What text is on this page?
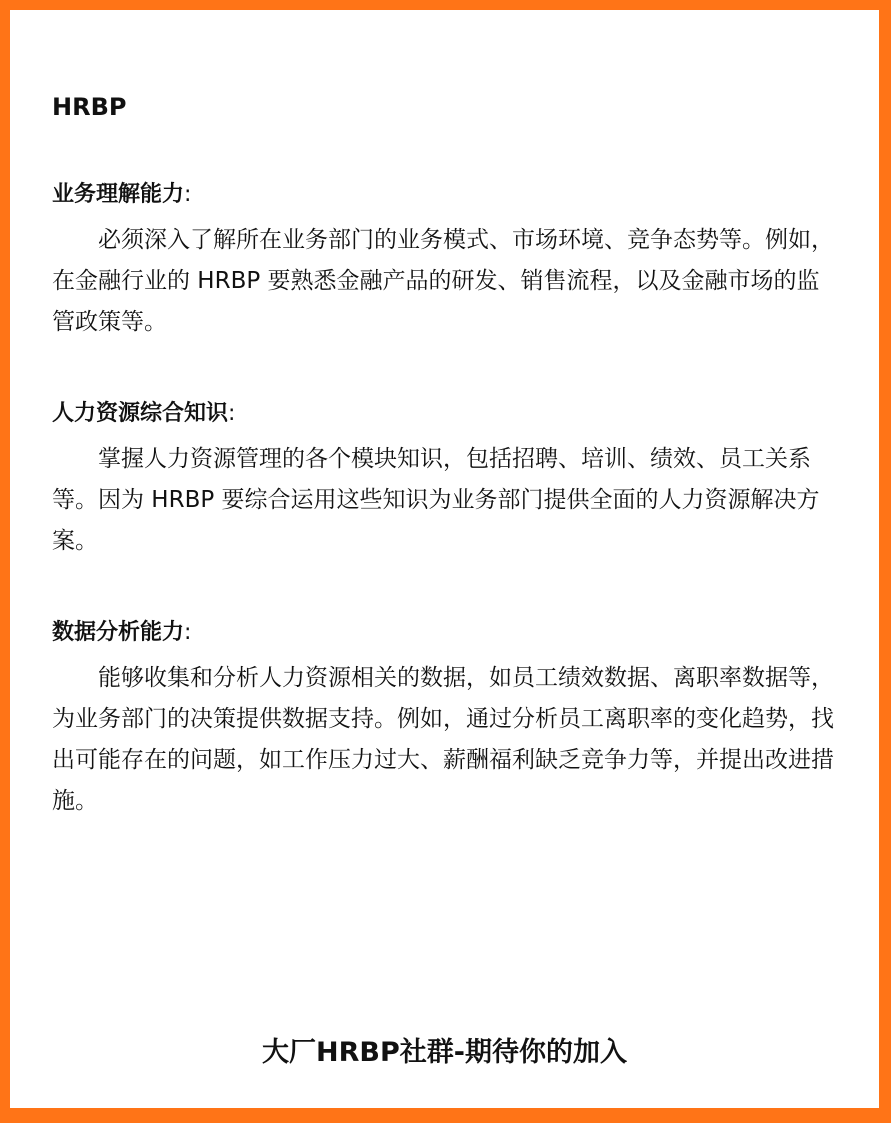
HRBP
业务理解能力:

必须深入了解所在业务部门的业务模式、市场环境、竞争态势等。例如，在金融行业的 HRBP 要熟悉金融产品的研发、销售流程，以及金融市场的监管政策等。

人力资源综合知识:

掌握人力资源管理的各个模块知识，包括招聘、培训、绩效、员工关系等。因为 HRBP 要综合运用这些知识为业务部门提供全面的人力资源解决方案。

数据分析能力:

能够收集和分析人力资源相关的数据，如员工绩效数据、离职率数据等，为业务部门的决策提供数据支持。例如，通过分析员工离职率的变化趋势，找出可能存在的问题，如工作压力过大、薪酬福利缺乏竞争力等，并提出改进措施。

大厂HRBP社群-期待你的加入
